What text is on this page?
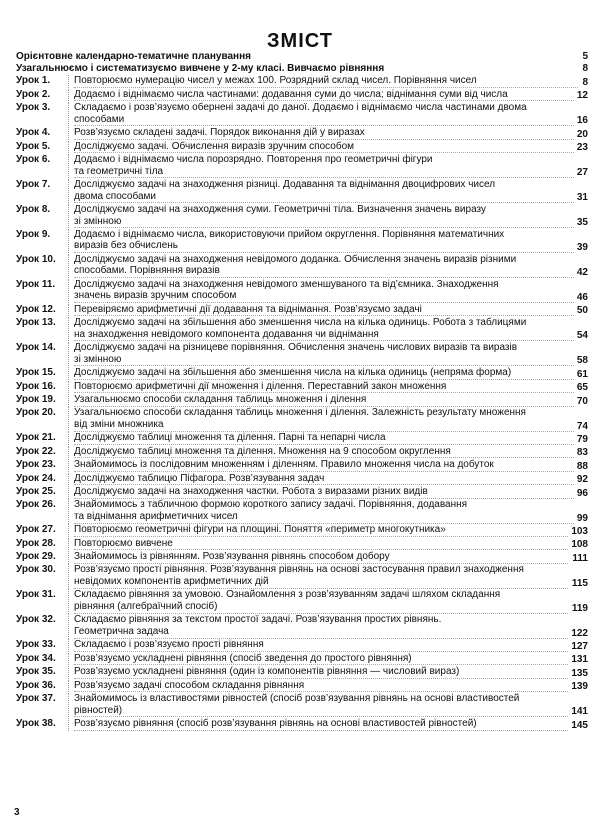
ЗМІСТ
Орієнтовне календарно-тематичне планування	5
Узагальнюємо і систематизуємо вивчене у 2-му класі. Вивчаємо рівняння	8
Урок 1.	Повторюємо нумерацію чисел у межах 100. Розрядний склад чисел. Порівняння чисел	8
Урок 2.	Додаємо і віднімаємо числа частинами: додавання суми до числа; віднімання суми від числа	12
Урок 3.	Складаємо і розв’язуємо обернені задачі до даної. Додаємо і віднімаємо числа частинами двома
способами	16
Урок 4.	Розв’язуємо складені задачі. Порядок виконання дій у виразах	20
Урок 5.	Досліджуємо задачі. Обчислення виразів зручним способом	23
Урок 6.	Додаємо і віднімаємо числа порозрядно. Повторення про геометричні фігури
та геометричні тіла	27
Урок 7.	Досліджуємо задачі на знаходження різниці. Додавання та віднімання двоцифрових чисел
двома способами	31
Урок 8.	Досліджуємо задачі на знаходження суми. Геометричні тіла. Визначення значень виразу
зі змінною	35
Урок 9.	Додаємо і віднімаємо числа, використовуючи прийом округлення. Порівняння математичних
виразів без обчислень	39
Урок 10.	Досліджуємо задачі на знаходження невідомого доданка. Обчислення значень виразів різними
способами. Порівняння виразів	42
Урок 11.	Досліджуємо задачі на знаходження невідомого зменшуваного та від’ємника. Знаходження
значень виразів зручним способом	46
Урок 12.	Перевіряємо арифметичні дії додавання та віднімання. Розв’язуємо задачі	50
Урок 13.	Досліджуємо задачі на збільшення або зменшення числа на кілька одиниць. Робота з таблицями
на знаходження невідомого компонента додавання чи віднімання	54
Урок 14.	Досліджуємо задачі на різницеве порівняння. Обчислення значень числових виразів та виразів
зі змінною	58
Урок 15.	Досліджуємо задачі на збільшення або зменшення числа на кілька одиниць (непряма форма)	61
Урок 16.	Повторюємо арифметичні дії множення і ділення. Переставний закон множення	65
Урок 19.	Узагальнюємо способи складання таблиць множення і ділення	70
Урок 20.	Узагальнюємо способи складання таблиць множення і ділення. Залежність результату множення
від зміни множника	74
Урок 21.	Досліджуємо таблиці множення та ділення. Парні та непарні числа	79
Урок 22.	Досліджуємо таблиці множення та ділення. Множення на 9 способом округлення	83
Урок 23.	Знайомимось із послідовним множенням і діленням. Правило множення числа на добуток	88
Урок 24.	Досліджуємо таблицю Піфагора. Розв’язування задач	92
Урок 25.	Досліджуємо задачі на знаходження частки. Робота з виразами різних видів	96
Урок 26.	Знайомимось з табличною формою короткого запису задачі. Порівняння, додавання
та віднімання арифметичних чисел	99
Урок 27.	Повторюємо геометричні фігури на площині. Поняття «периметр многокутника»	103
Урок 28.	Повторюємо вивчене	108
Урок 29.	Знайомимось із рівнянням. Розв’язування рівнянь способом добору	111
Урок 30.	Розв’язуємо прості рівняння. Розв’язування рівнянь на основі застосування правил знаходження
невідомих компонентів арифметичних дій	115
Урок 31.	Складаємо рівняння за умовою. Ознайомлення з розв’язуванням задачі шляхом складання
рівняння (алгебраїчний спосіб)	119
Урок 32.	Складаємо рівняння за текстом простої задачі. Розв’язування простих рівнянь.
Геометрична задача	122
Урок 33.	Складаємо і розв’язуємо прості рівняння	127
Урок 34.	Розв’язуємо ускладнені рівняння (спосіб зведення до простого рівняння)	131
Урок 35.	Розв’язуємо ускладнені рівняння (один із компонентів рівняння — числовий вираз)	135
Урок 36.	Розв’язуємо задачі способом складання рівняння	139
Урок 37.	Знайомимось із властивостями рівностей (спосіб розв’язування рівнянь на основі властивостей
рівностей)	141
Урок 38.	Розв’язуємо рівняння (спосіб розв’язування рівнянь на основі властивостей рівностей)	145
3
